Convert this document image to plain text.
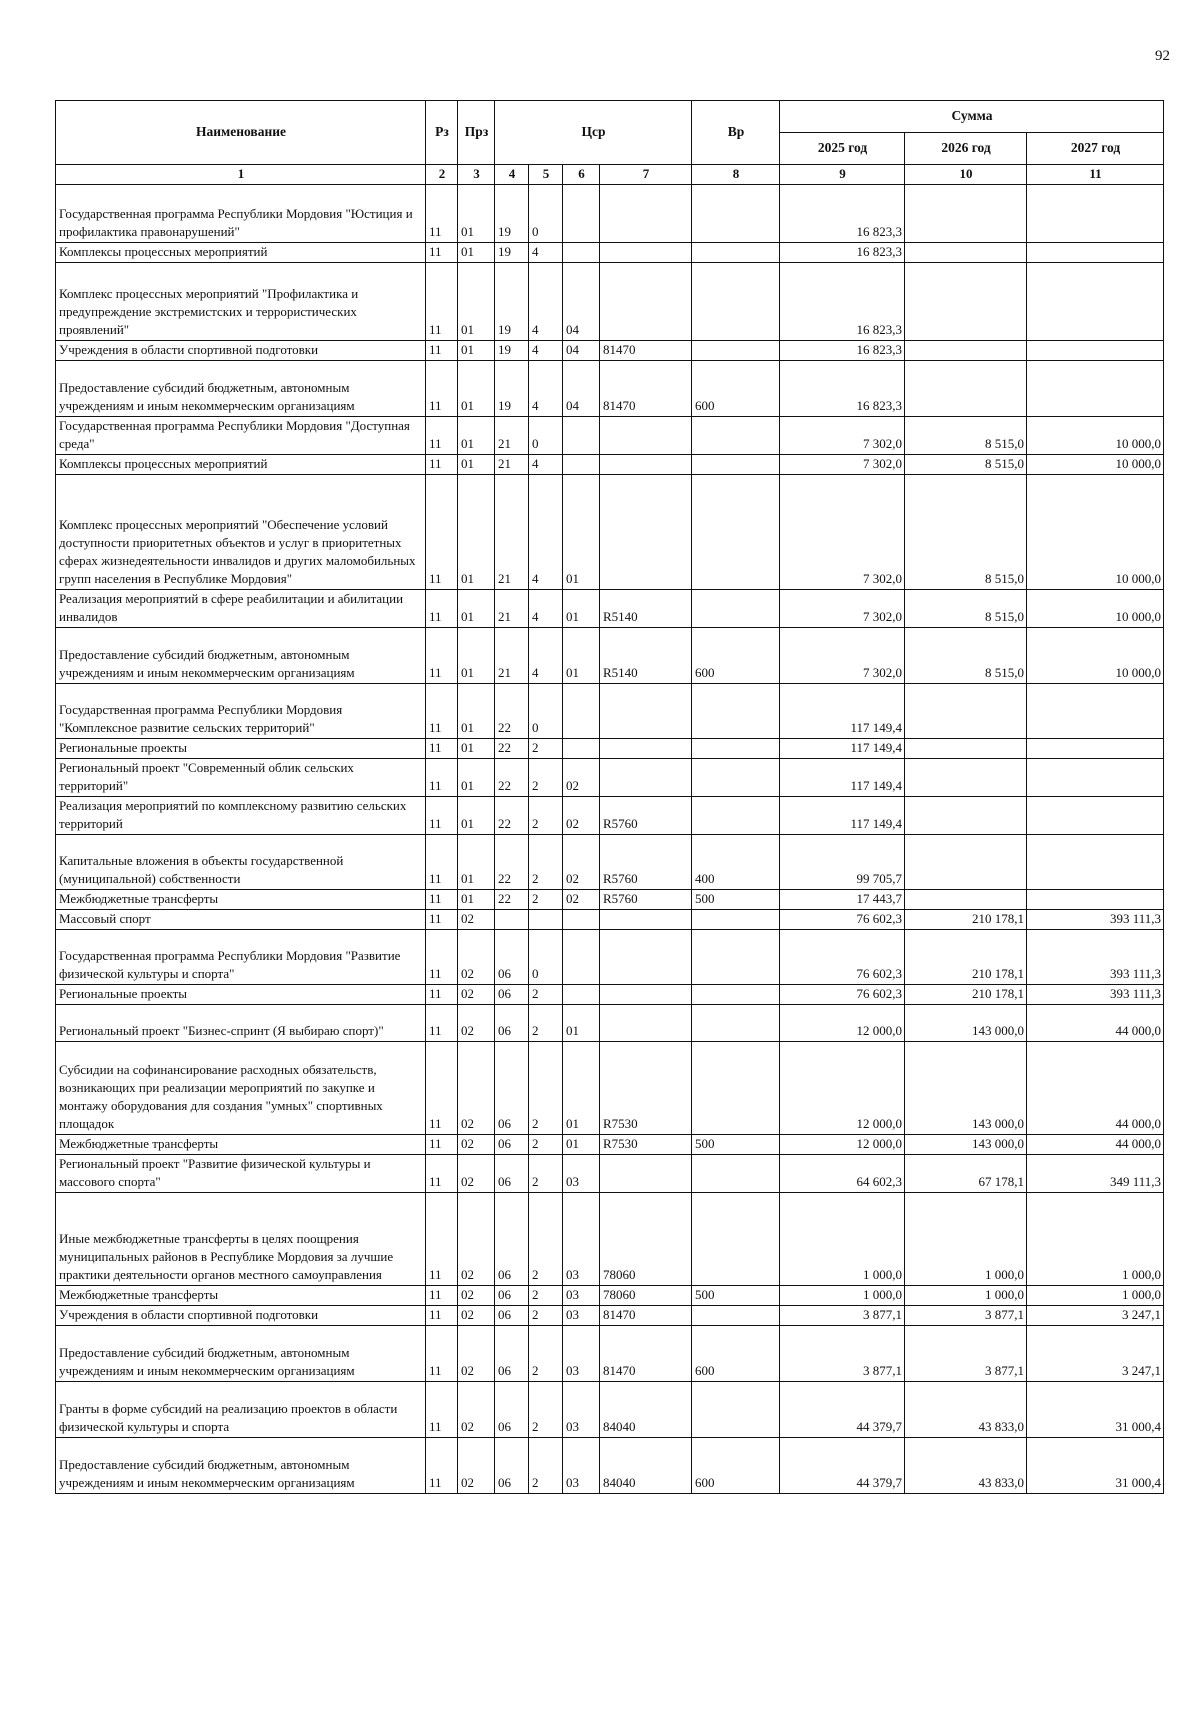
92
Наименование	Рз	Прз	Цср				Вр	Сумма		
								2025 год	2026 год	2027 год
1	2	3	4	5	6	7	8	9	10	11
Государственная программа Республики Мордовия "Юстиция и профилактика правонарушений"	11	01	19	0				16 823,3		
Комплексы процессных мероприятий	11	01	19	4				16 823,3		
Комплекс процессных мероприятий "Профилактика и предупреждение экстремистских и террористических проявлений"	11	01	19	4	04			16 823,3		
Учреждения в области спортивной подготовки	11	01	19	4	04	81470		16 823,3		
Предоставление субсидий бюджетным, автономным учреждениям и иным некоммерческим организациям	11	01	19	4	04	81470	600	16 823,3		
Государственная программа Республики Мордовия "Доступная среда"	11	01	21	0				7 302,0	8 515,0	10 000,0
Комплексы процессных мероприятий	11	01	21	4				7 302,0	8 515,0	10 000,0
Комплекс процессных мероприятий "Обеспечение условий доступности приоритетных объектов и услуг в приоритетных сферах жизнедеятельности инвалидов и других маломобильных групп населения в Республике Мордовия"	11	01	21	4	01			7 302,0	8 515,0	10 000,0
Реализация мероприятий в сфере реабилитации и абилитации инвалидов	11	01	21	4	01	R5140		7 302,0	8 515,0	10 000,0
Предоставление субсидий бюджетным, автономным учреждениям и иным некоммерческим организациям	11	01	21	4	01	R5140	600	7 302,0	8 515,0	10 000,0
Государственная программа Республики Мордовия "Комплексное развитие сельских территорий"	11	01	22	0				117 149,4		
Региональные проекты	11	01	22	2				117 149,4		
Региональный проект "Современный облик сельских территорий"	11	01	22	2	02			117 149,4		
Реализация мероприятий по комплексному развитию сельских территорий	11	01	22	2	02	R5760		117 149,4		
Капитальные вложения в объекты государственной (муниципальной) собственности	11	01	22	2	02	R5760	400	99 705,7		
Межбюджетные трансферты	11	01	22	2	02	R5760	500	17 443,7		
Массовый спорт	11	02						76 602,3	210 178,1	393 111,3
Государственная программа Республики Мордовия "Развитие физической культуры и спорта"	11	02	06	0				76 602,3	210 178,1	393 111,3
Региональные проекты	11	02	06	2				76 602,3	210 178,1	393 111,3
Региональный проект "Бизнес-спринт (Я выбираю спорт)"	11	02	06	2	01			12 000,0	143 000,0	44 000,0
Субсидии на софинансирование расходных обязательств, возникающих при реализации мероприятий по закупке и монтажу оборудования для создания "умных" спортивных площадок	11	02	06	2	01	R7530		12 000,0	143 000,0	44 000,0
Межбюджетные трансферты	11	02	06	2	01	R7530	500	12 000,0	143 000,0	44 000,0
Региональный проект "Развитие физической культуры и массового спорта"	11	02	06	2	03			64 602,3	67 178,1	349 111,3
Иные межбюджетные трансферты в целях поощрения муниципальных районов в Республике Мордовия за лучшие практики деятельности органов местного самоуправления	11	02	06	2	03	78060		1 000,0	1 000,0	1 000,0
Межбюджетные трансферты	11	02	06	2	03	78060	500	1 000,0	1 000,0	1 000,0
Учреждения в области спортивной подготовки	11	02	06	2	03	81470		3 877,1	3 877,1	3 247,1
Предоставление субсидий бюджетным, автономным учреждениям и иным некоммерческим организациям	11	02	06	2	03	81470	600	3 877,1	3 877,1	3 247,1
Гранты в форме субсидий на реализацию проектов в области физической культуры и спорта	11	02	06	2	03	84040		44 379,7	43 833,0	31 000,4
Предоставление субсидий бюджетным, автономным учреждениям и иным некоммерческим организациям	11	02	06	2	03	84040	600	44 379,7	43 833,0	31 000,4
